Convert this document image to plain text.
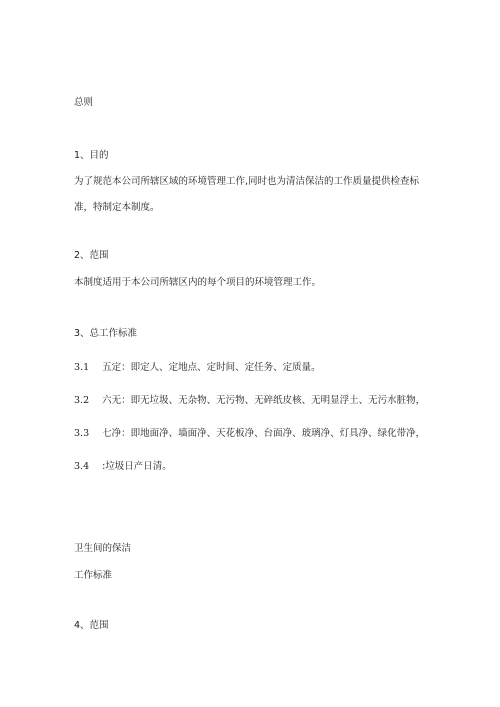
总则
1、目的
为了规范本公司所辖区域的环境管理工作,同时也为清洁保洁的工作质量提供检查标
准，特制定本制度。
2、范围
本制度适用于本公司所辖区内的每个项目的环境管理工作。
3、总工作标准
3.1 五定：即定人、定地点、定时间、定任务、定质量。
3.2 六无：即无垃圾、无杂物、无污物、无碎纸皮核、无明显浮土、无污水脏物，
3.3 七净：即地面净、墙面净、天花板净、台面净、玻璃净、灯具净、绿化带净，
3.4 :垃圾日产日清。
卫生间的保洁
工作标准
4、范围
